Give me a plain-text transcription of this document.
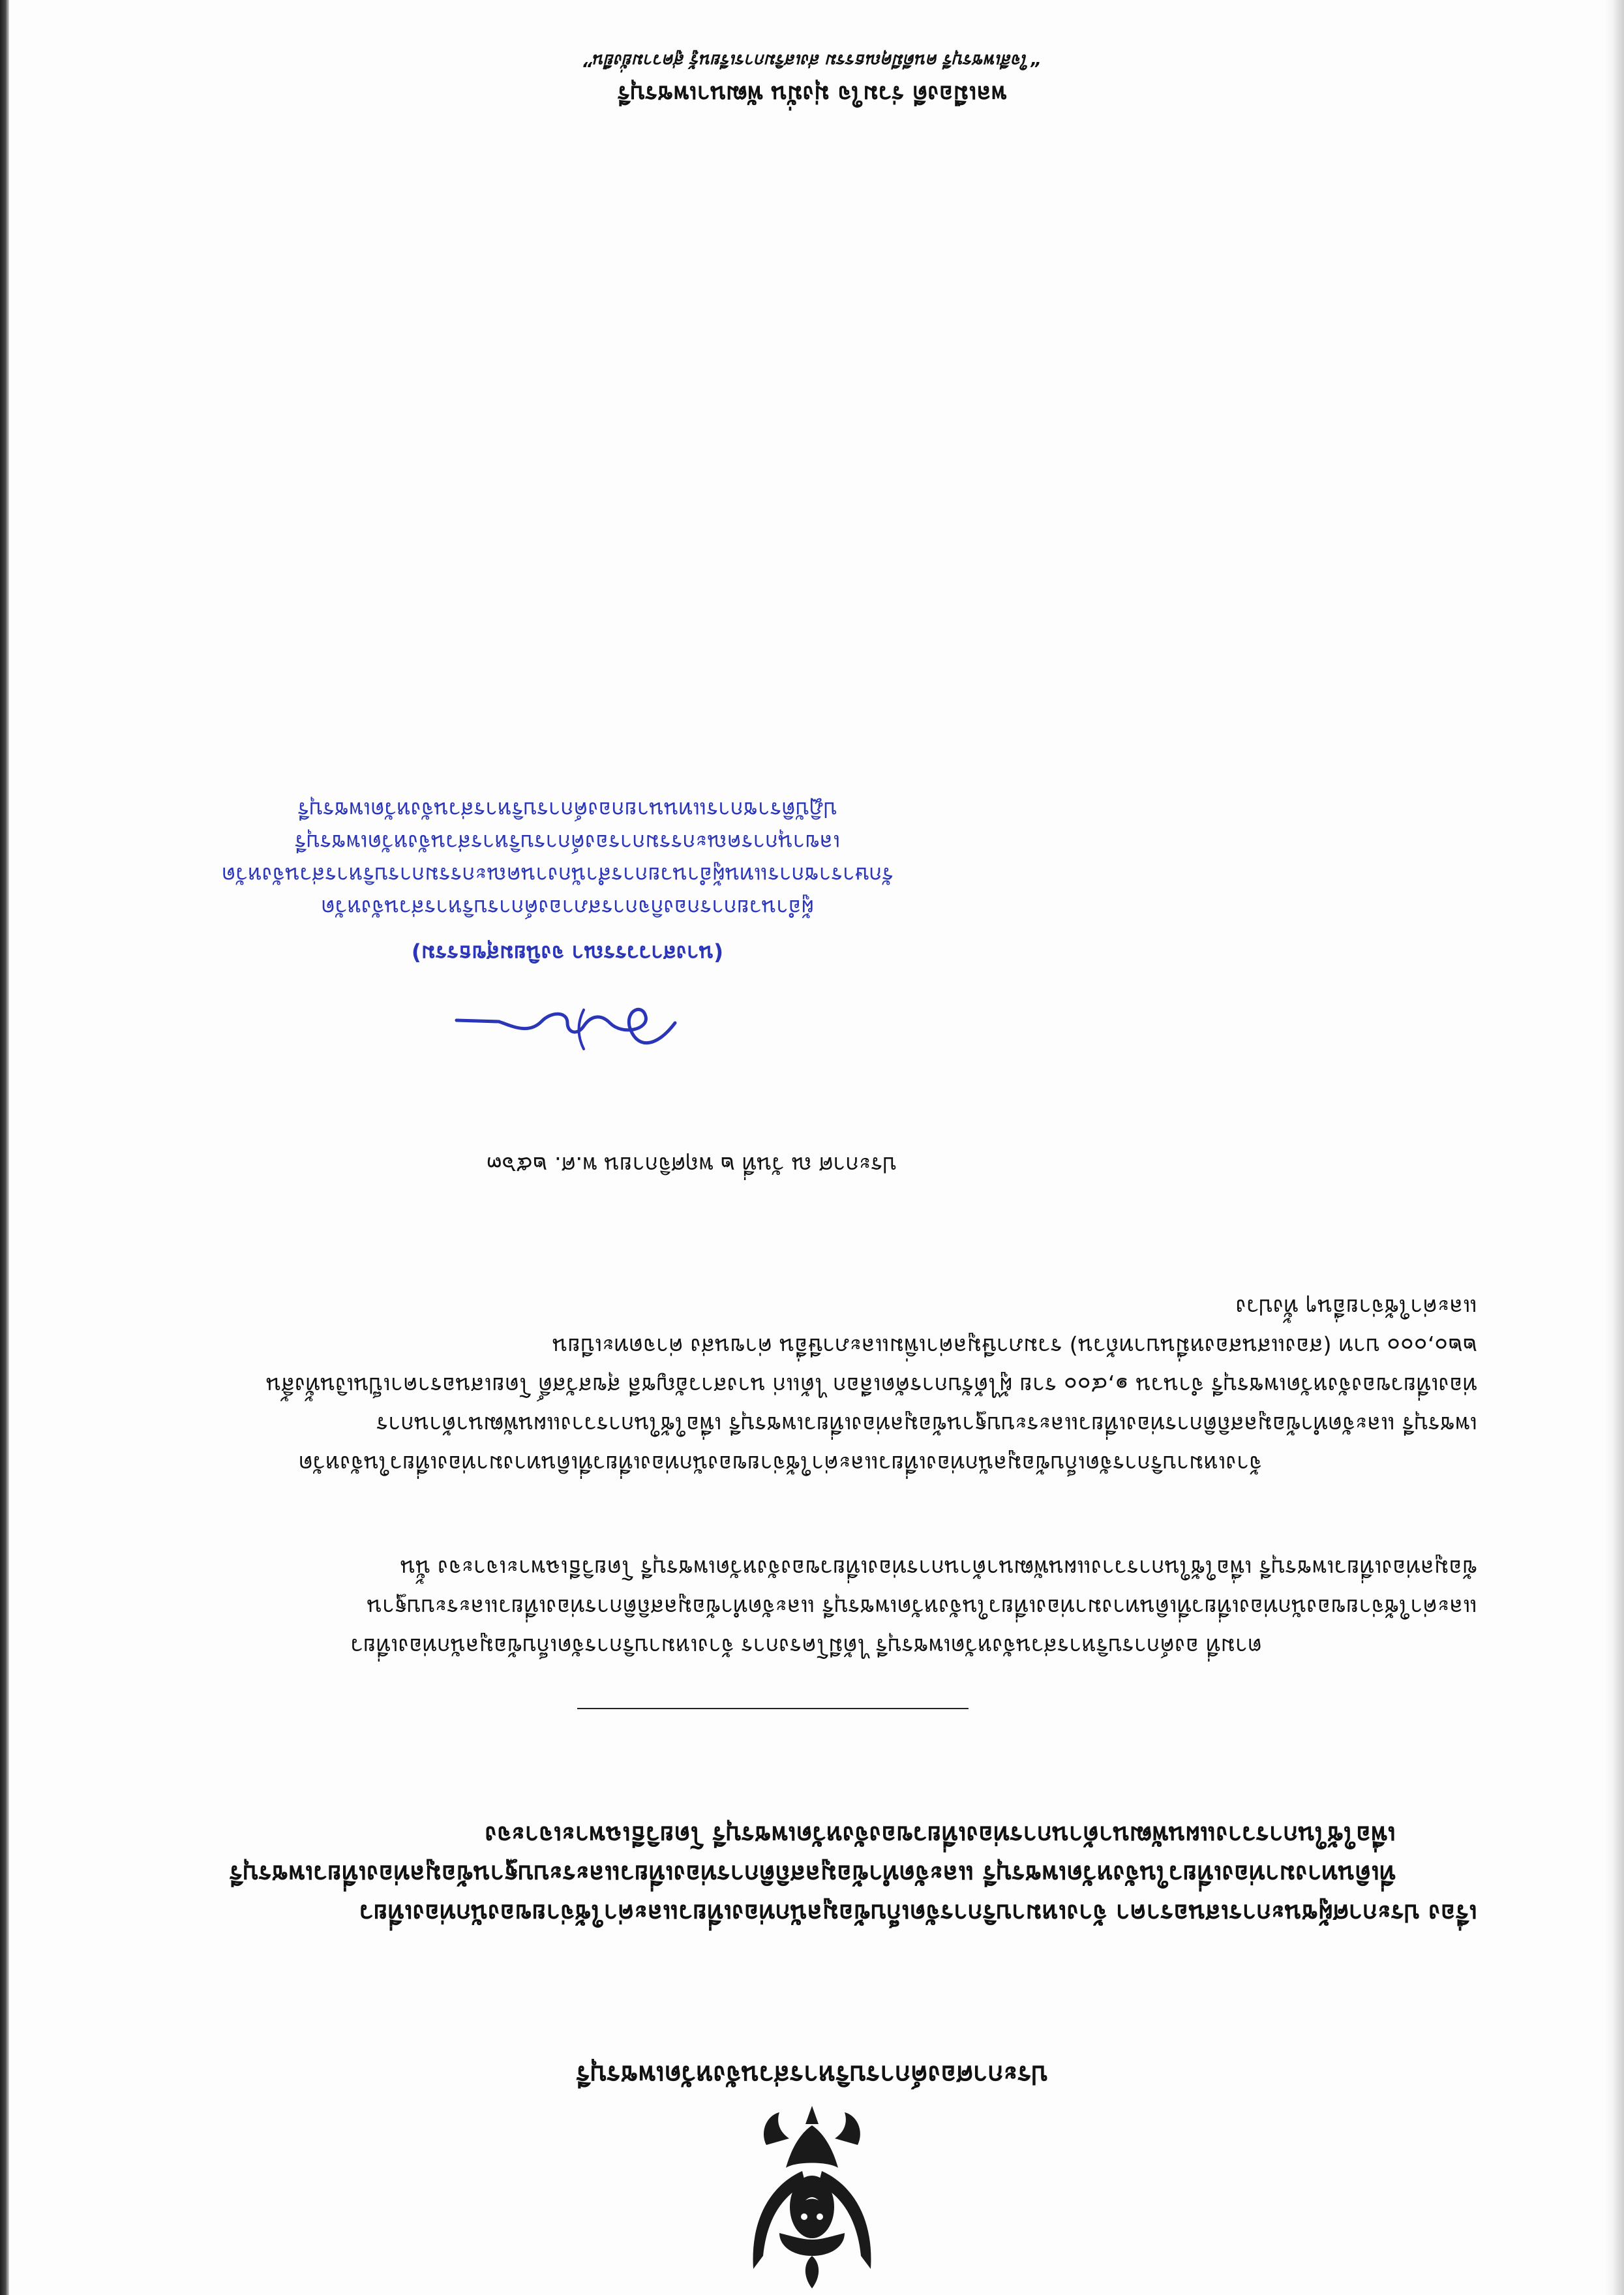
ประกาศองค์การบริหารส่วนจังหวัดเพชรบุรี
เรื่อง ประกาศผู้ชนะการเสนอราคา จ้างเหมาบริการจัดเก็บข้อมูลนักท่องเที่ยวและค่าใช้จ่ายของนักท่องเที่ยว
ที่เดินทางมาท่องเที่ยวในจังหวัดเพชรบุรี และจัดทำข้อมูลสถิติการท่องเที่ยวและระบบฐานข้อมูลท่องเที่ยวเพชรบุรี
เพื่อใช้ในการวางแผนพัฒนาด้านการท่องเที่ยวของจังหวัดเพชรบุรี โดยวิธีเฉพาะเจาะจง
ตามที่ องค์การบริหารส่วนจังหวัดเพชรบุรี ได้มีโครงการ จ้างเหมาบริการจัดเก็บข้อมูลนักท่องเที่ยว
และค่าใช้จ่ายของนักท่องเที่ยวที่เดินทางมาท่องเที่ยวในจังหวัดเพชรบุรี และจัดทำข้อมูลสถิติการท่องเที่ยวและระบบฐาน
ข้อมูลท่องเที่ยวเพชรบุรี เพื่อใช้ในการวางแผนพัฒนาด้านการท่องเที่ยวของจังหวัดเพชรบุรี โดยวิธีเฉพาะเจาะจง นั้น
จ้างเหมาบริการจัดเก็บข้อมูลนักท่องเที่ยวและค่าใช้จ่ายของนักท่องเที่ยวที่เดินทางมาท่องเที่ยวในจังหวัด
เพชรบุรี และจัดทำข้อมูลสถิติการท่องเที่ยวและระบบฐานข้อมูลท่องเที่ยวเพชรบุรี เพื่อใช้ในการวางแผนพัฒนาด้านการ
ท่องเที่ยวของจังหวัดเพชรบุรี จำนวน ๑,๔๐๐ ราย ผู้ได้รับการคัดเลือก ได้แก่ นางสาวอัญชลี สุขสวัสดิ์ โดยเสนอราคาเป็นเงินทั้งสิ้น
๒๒๐,๐๐๐ บาท (สองแสนสองหมื่นบาทถ้วน) รวมภาษีมูลค่าเพิ่มและภาษีอื่น ค่าขนส่ง ค่าจดทะเบียน
และค่าใช้จ่ายอื่นๆ ทั้งปวง
ประกาศ ณ วันที่ ๒ พฤศจิกายน พ.ศ. ๒๕๖๓
(นางสาววรรณา จงนิยมสุขธรรม)
ผู้อำนวยการกองกิจการสภาองค์การบริหารส่วนจังหวัด
รักษาราชการแทนผู้อำนวยการสำนักงานคณะกรรมการบริหารส่วนจังหวัด
เลขานุการคณะกรรมการองค์การบริหารส่วนจังหวัดเพชรบุรี
ปฏิบัติราชการแทนนายกองค์การบริหารส่วนจังหวัดเพชรบุรี
พลเมืองดี ร่วมใจ มุ่งมั่น พัฒนาเพชรบุรี
“ใจสีเพชรบุรี คนดีมีคุณธรรม ส่งเสริมการเรียนรู้ สู่ความยั่งยืน”
